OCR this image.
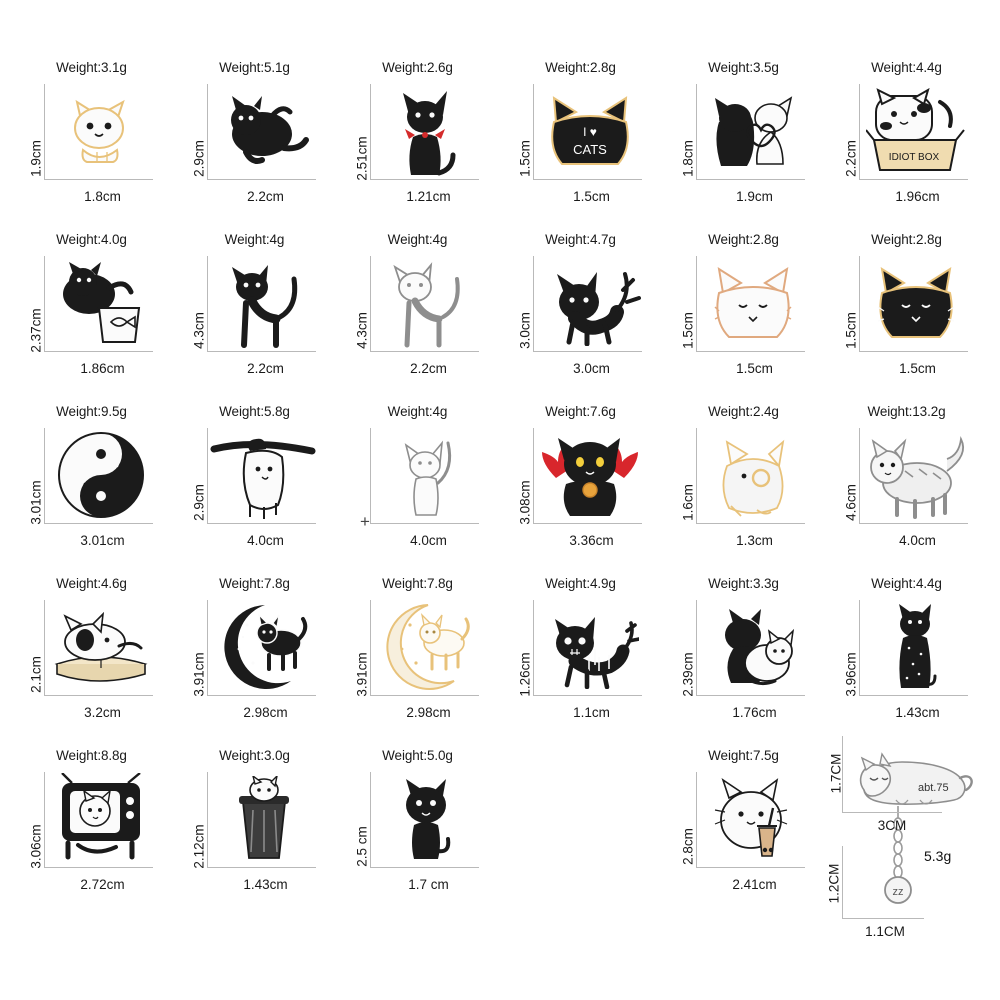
Weight:3.1g
1.8cm
1.9cm
Weight:5.1g
2.2cm
2.9cm
Weight:2.6g
1.21cm
2.51cm
Weight:2.8g
I ♥
CATS
1.5cm
1.5cm
Weight:3.5g
1.9cm
1.8cm
Weight:4.4g
IDIOT BOX
1.96cm
2.2cm
Weight:4.0g
1.86cm
2.37cm
Weight:4g
2.2cm
4.3cm
Weight:4g
2.2cm
4.3cm
Weight:4.7g
3.0cm
3.0cm
Weight:2.8g
1.5cm
1.5cm
Weight:2.8g
1.5cm
1.5cm
Weight:9.5g
3.01cm
3.01cm
Weight:5.8g
4.0cm
2.9cm
Weight:4g
4.0cm
+
Weight:7.6g
3.36cm
3.08cm
Weight:2.4g
1.3cm
1.6cm
Weight:13.2g
4.0cm
4.6cm
Weight:4.6g
3.2cm
2.1cm
Weight:7.8g
2.98cm
3.91cm
Weight:7.8g
2.98cm
3.91cm
Weight:4.9g
1.1cm
1.26cm
Weight:3.3g
1.76cm
2.39cm
Weight:4.4g
1.43cm
3.96cm
Weight:8.8g
2.72cm
3.06cm
Weight:3.0g
1.43cm
2.12cm
Weight:5.0g
1.7 cm
2.5 cm
Weight:7.5g
2.41cm
2.8cm
zz
1.7CM
3CM
1.2CM
1.1CM
5.3g
abt.75
